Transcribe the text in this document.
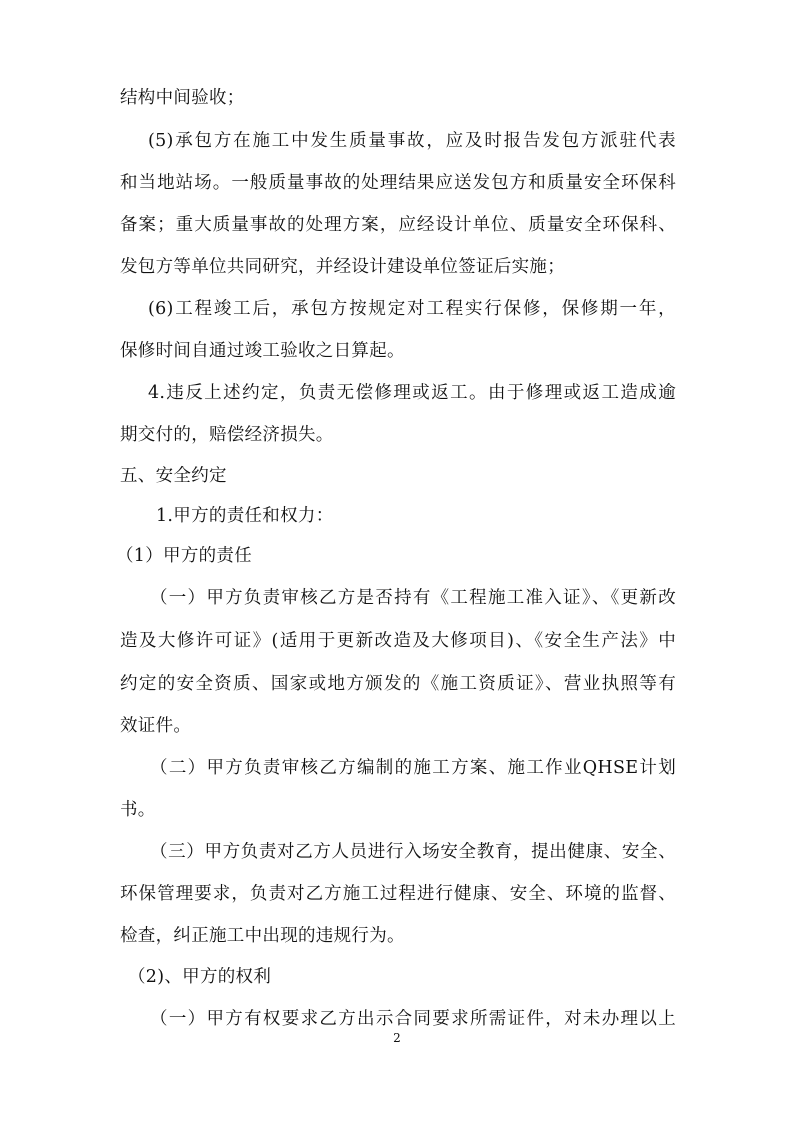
结构中间验收；
(5)承包方在施工中发生质量事故，应及时报告发包方派驻代表
和当地站场。一般质量事故的处理结果应送发包方和质量安全环保科
备案；重大质量事故的处理方案，应经设计单位、质量安全环保科、
发包方等单位共同研究，并经设计建设单位签证后实施；
(6)工程竣工后，承包方按规定对工程实行保修，保修期一年，
保修时间自通过竣工验收之日算起。
4.违反上述约定，负责无偿修理或返工。由于修理或返工造成逾
期交付的，赔偿经济损失。
五、安全约定
1.甲方的责任和权力：
（1）甲方的责任
（一）甲方负责审核乙方是否持有《工程施工准入证》、《更新改
造及大修许可证》(适用于更新改造及大修项目)、《安全生产法》中
约定的安全资质、国家或地方颁发的《施工资质证》、营业执照等有
效证件。
（二）甲方负责审核乙方编制的施工方案、施工作业QHSE计划
书。
（三）甲方负责对乙方人员进行入场安全教育，提出健康、安全、
环保管理要求，负责对乙方施工过程进行健康、安全、环境的监督、
检查，纠正施工中出现的违规行为。
（2)、甲方的权利
（一）甲方有权要求乙方出示合同要求所需证件，对未办理以上
2
